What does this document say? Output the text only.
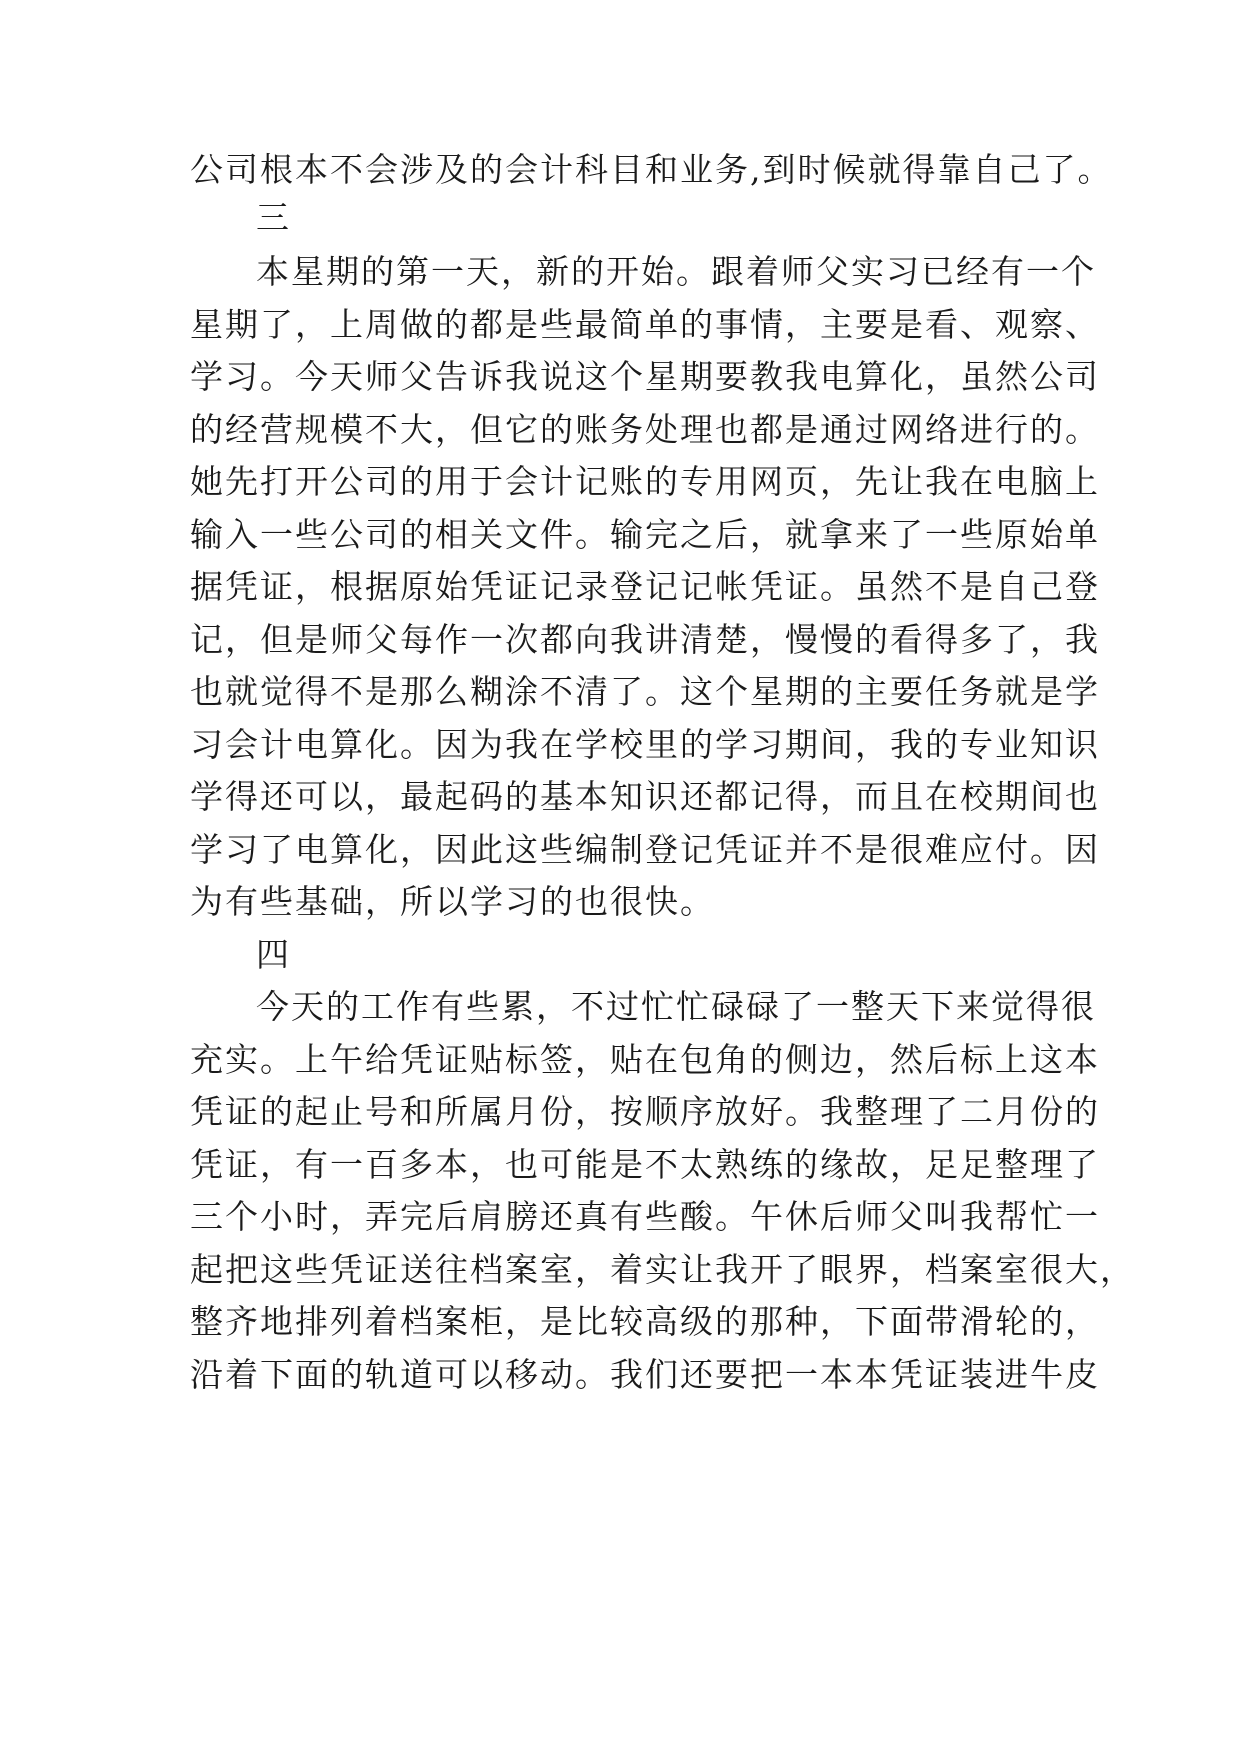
公司根本不会涉及的会计科目和业务,到时候就得靠自己了。
三
本星期的第一天，新的开始。跟着师父实习已经有一个
星期了，上周做的都是些最简单的事情，主要是看、观察、
学习。今天师父告诉我说这个星期要教我电算化，虽然公司
的经营规模不大，但它的账务处理也都是通过网络进行的。
她先打开公司的用于会计记账的专用网页，先让我在电脑上
输入一些公司的相关文件。输完之后，就拿来了一些原始单
据凭证，根据原始凭证记录登记记帐凭证。虽然不是自己登
记，但是师父每作一次都向我讲清楚，慢慢的看得多了，我
也就觉得不是那么糊涂不清了。这个星期的主要任务就是学
习会计电算化。因为我在学校里的学习期间，我的专业知识
学得还可以，最起码的基本知识还都记得，而且在校期间也
学习了电算化，因此这些编制登记凭证并不是很难应付。因
为有些基础，所以学习的也很快。
四
今天的工作有些累，不过忙忙碌碌了一整天下来觉得很
充实。上午给凭证贴标签，贴在包角的侧边，然后标上这本
凭证的起止号和所属月份，按顺序放好。我整理了二月份的
凭证，有一百多本，也可能是不太熟练的缘故，足足整理了
三个小时，弄完后肩膀还真有些酸。午休后师父叫我帮忙一
起把这些凭证送往档案室，着实让我开了眼界，档案室很大，
整齐地排列着档案柜，是比较高级的那种，下面带滑轮的，
沿着下面的轨道可以移动。我们还要把一本本凭证装进牛皮
